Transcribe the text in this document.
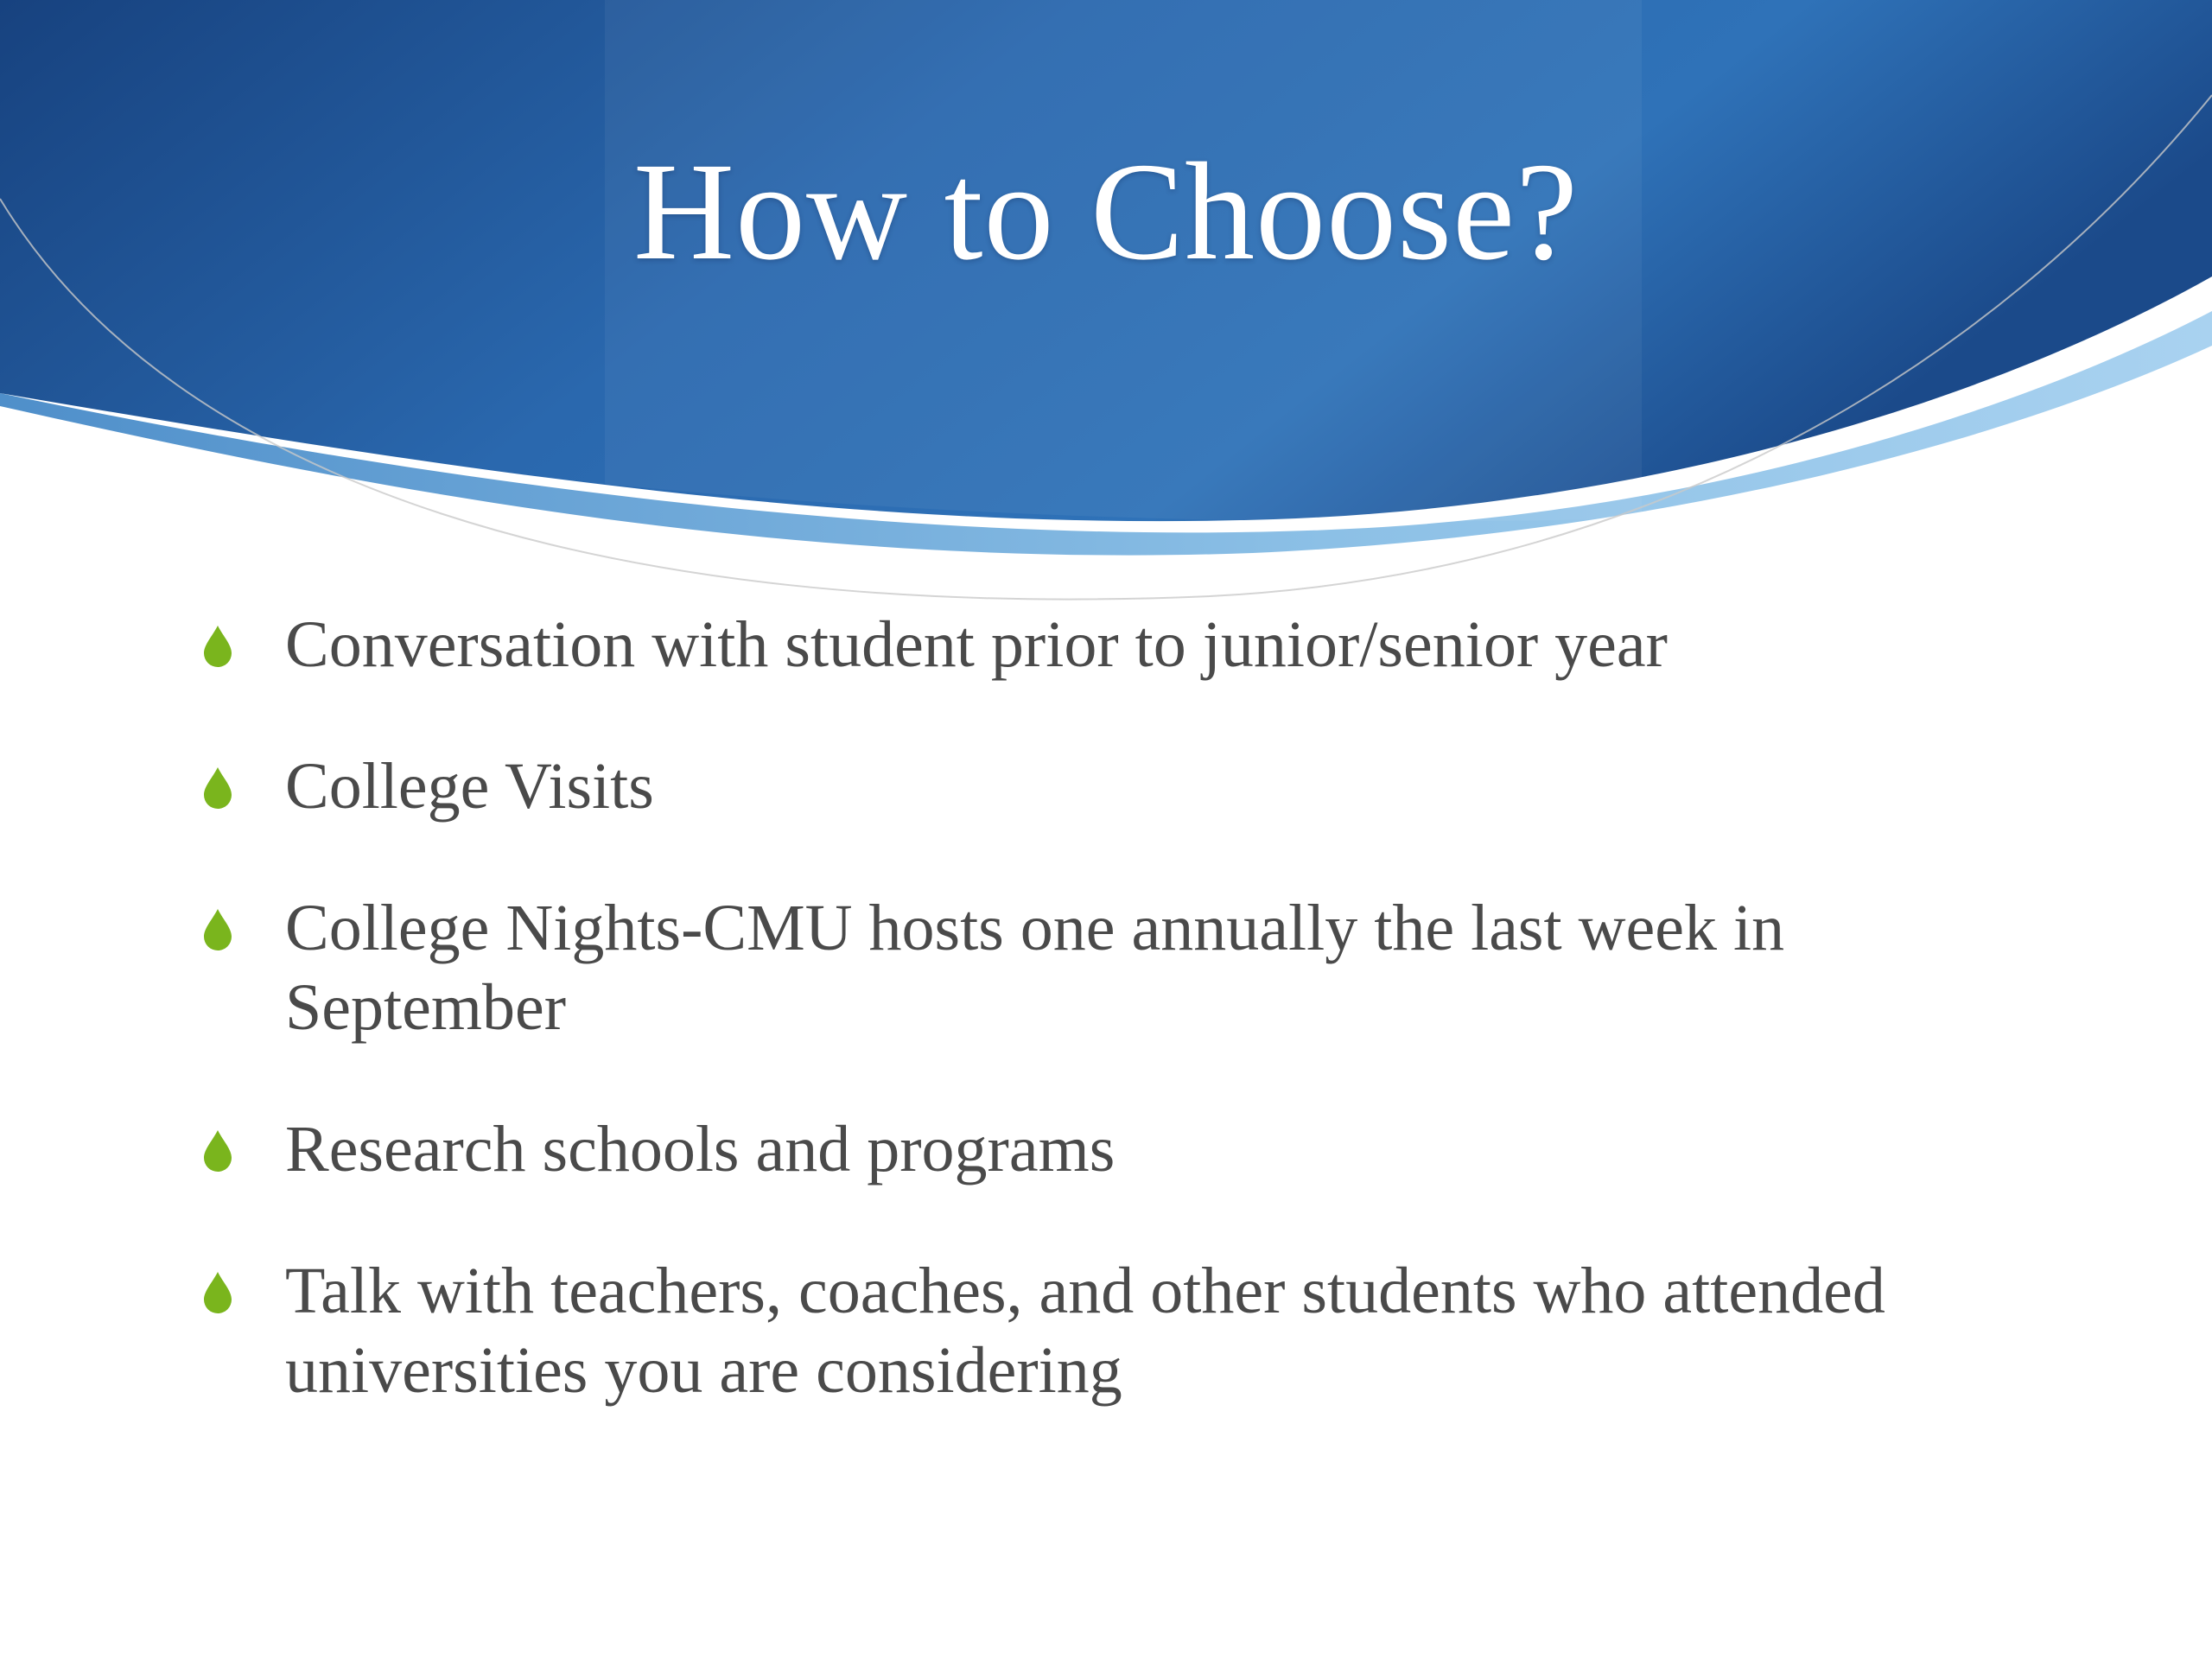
How to Choose?
Conversation with student prior to junior/senior year
College Visits
College Nights-CMU hosts one annually the last week in September
Research schools and programs
Talk with teachers, coaches, and other students who attended universities you are considering
